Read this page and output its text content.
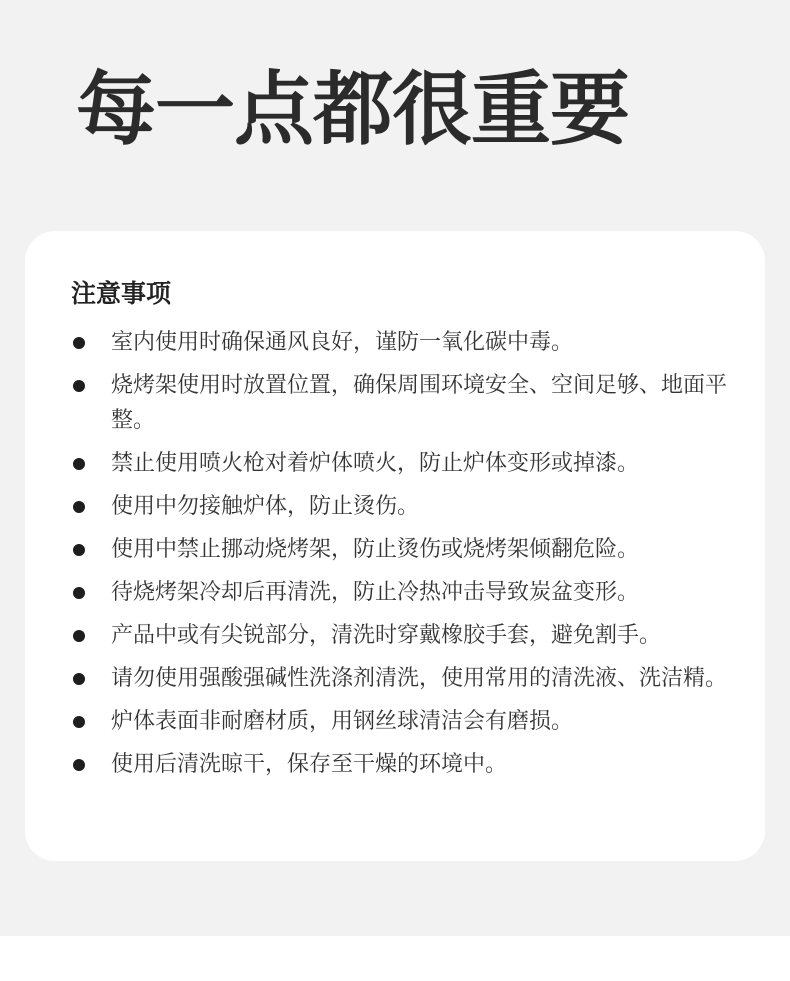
每一点都很重要
注意事项
室内使用时确保通风良好，谨防一氧化碳中毒。
烧烤架使用时放置位置，确保周围环境安全、空间足够、地面平整。
禁止使用喷火枪对着炉体喷火，防止炉体变形或掉漆。
使用中勿接触炉体，防止烫伤。
使用中禁止挪动烧烤架，防止烫伤或烧烤架倾翻危险。
待烧烤架冷却后再清洗，防止冷热冲击导致炭盆变形。
产品中或有尖锐部分，清洗时穿戴橡胶手套，避免割手。
请勿使用强酸强碱性洗涤剂清洗，使用常用的清洗液、洗洁精。
炉体表面非耐磨材质，用钢丝球清洁会有磨损。
使用后清洗晾干，保存至干燥的环境中。
